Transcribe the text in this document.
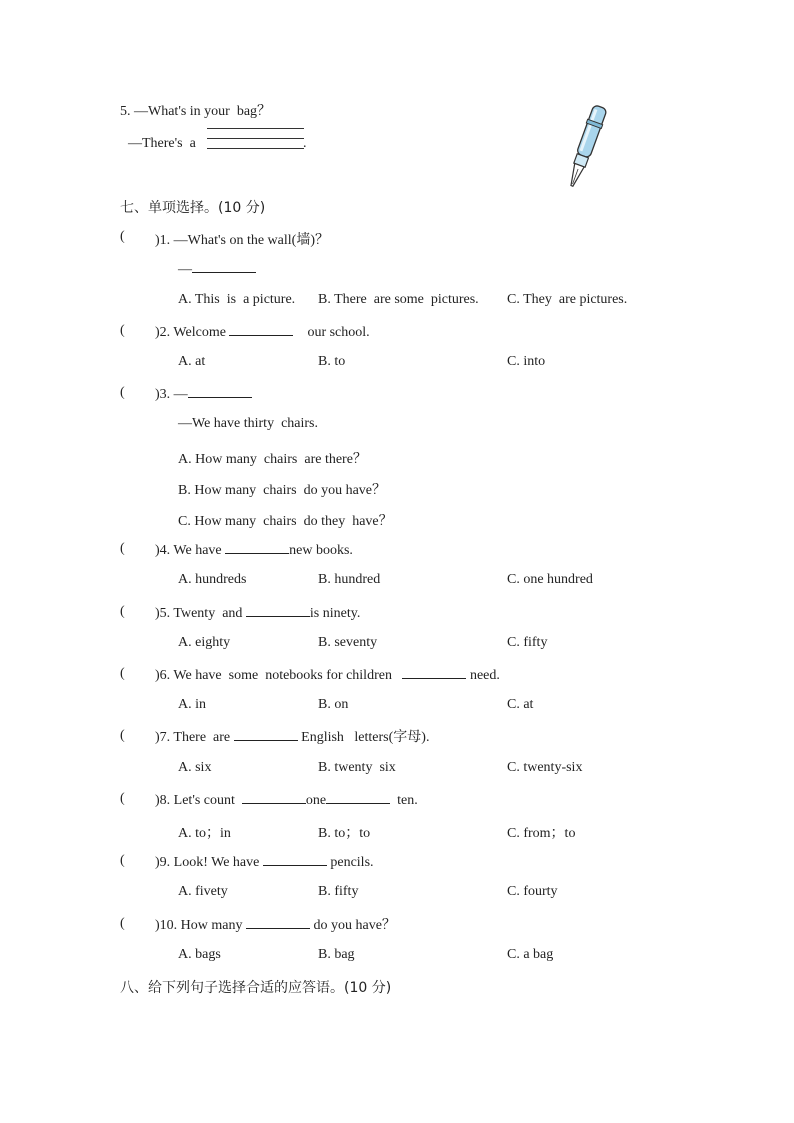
5. —What's in your  bag？
—There's  a	.
七、单项选择。(10 分)
( )1. —What's on the wall(墙)？
—
A. This  is  a picture. B. There  are some  pictures. C. They  are pictures.
( )2. Welcome	our school.
A. at	B. to	C. into
( )3. —
—We have thirty  chairs.
A. How many  chairs  are there？
B. How many  chairs  do you have？
C. How many  chairs  do they  have？
( )4. We have	new books.
A. hundreds	B. hundred	C. one hundred
( )5. Twenty  and	is ninety.
A. eighty	B. seventy	C. fifty
( )6. We have  some  notebooks for children	need.
A. in	B. on	C. at
( )7. There  are	English   letters(字母).
A. six	B. twenty  six	C. twenty-six
( )8. Let's count	one	ten.
A. to；in	B. to；to	C. from；to
( )9. Look! We have	pencils.
A. fivety	B. fifty	C. fourty
( )10. How many	do you have？
A. bags	B. bag	C. a bag
八、给下列句子选择合适的应答语。(10 分)
